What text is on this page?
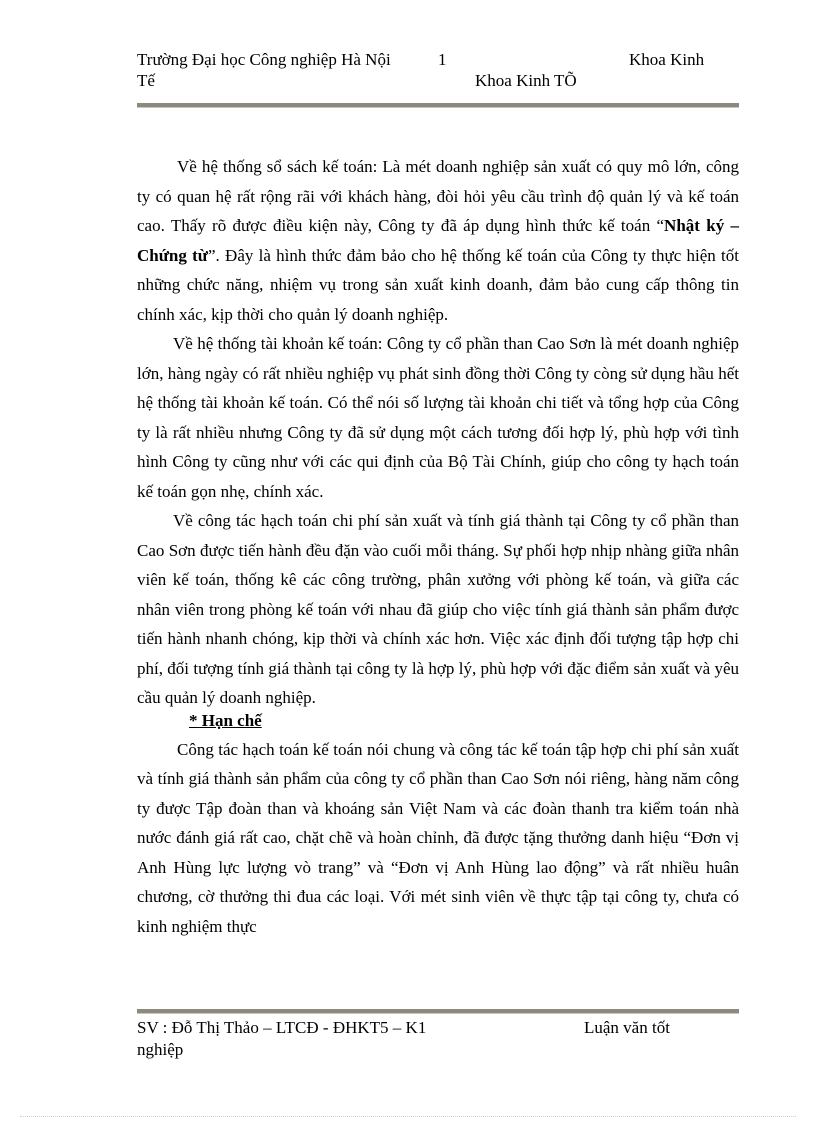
Trường Đại học Công nghiệp Hà Nội	1	Khoa Kinh
Tế	Khoa Kinh TÕ

Về hệ thống sổ sách kế toán: Là mét doanh nghiệp sản xuất có quy mô lớn, công ty có quan hệ rất rộng rãi với khách hàng, đòi hỏi yêu cầu trình độ quản lý và kế toán cao. Thấy rõ được điều kiện này, Công ty đã áp dụng hình thức kế toán “Nhật ký – Chứng từ”. Đây là hình thức đảm bảo cho hệ thống kế toán của Công ty thực hiện tốt những chức năng, nhiệm vụ trong sản xuất kinh doanh, đảm bảo cung cấp thông tin chính xác, kịp thời cho quản lý doanh nghiệp.

Về hệ thống tài khoản kế toán: Công ty cổ phần than Cao Sơn là mét doanh nghiệp lớn, hàng ngày có rất nhiều nghiệp vụ phát sinh đồng thời Công ty còng sử dụng hầu hết hệ thống tài khoản kế toán. Có thể nói số lượng tài khoản chi tiết và tổng hợp của Công ty là rất nhiều nhưng Công ty đã sử dụng một cách tương đối hợp lý, phù hợp với tình hình Công ty cũng như với các qui định của Bộ Tài Chính, giúp cho công ty hạch toán kế toán gọn nhẹ, chính xác.

Về công tác hạch toán chi phí sản xuất và tính giá thành tại Công ty cổ phần than Cao Sơn được tiến hành đều đặn vào cuối mỗi tháng. Sự phối hợp nhịp nhàng giữa nhân viên kế toán, thống kê các công trường, phân xưởng với phòng kế toán, và giữa các nhân viên trong phòng kế toán với nhau đã giúp cho việc tính giá thành sản phẩm được tiến hành nhanh chóng, kịp thời và chính xác hơn. Việc xác định đối tượng tập hợp chi phí, đối tượng tính giá thành tại công ty là hợp lý, phù hợp với đặc điểm sản xuất và yêu cầu quản lý doanh nghiệp.

* Hạn chế

Công tác hạch toán kế toán nói chung và công tác kế toán tập hợp chi phí sản xuất và tính giá thành sản phẩm của công ty cổ phần than Cao Sơn nói riêng, hàng năm công ty được Tập đoàn than và khoáng sản Việt Nam và các đoàn thanh tra kiểm toán nhà nước đánh giá rất cao, chặt chẽ và hoàn chỉnh, đã được tặng thưởng danh hiệu “Đơn vị Anh Hùng lực lượng vò trang” và “Đơn vị Anh Hùng lao động” và rất nhiều huân chương, cờ thưởng thi đua các loại. Với mét sinh viên về thực tập tại công ty, chưa có kinh nghiệm thực

SV : Đỗ Thị Thảo – LTCĐ - ĐHKT5 – K1	Luận văn tốt
nghiệp
